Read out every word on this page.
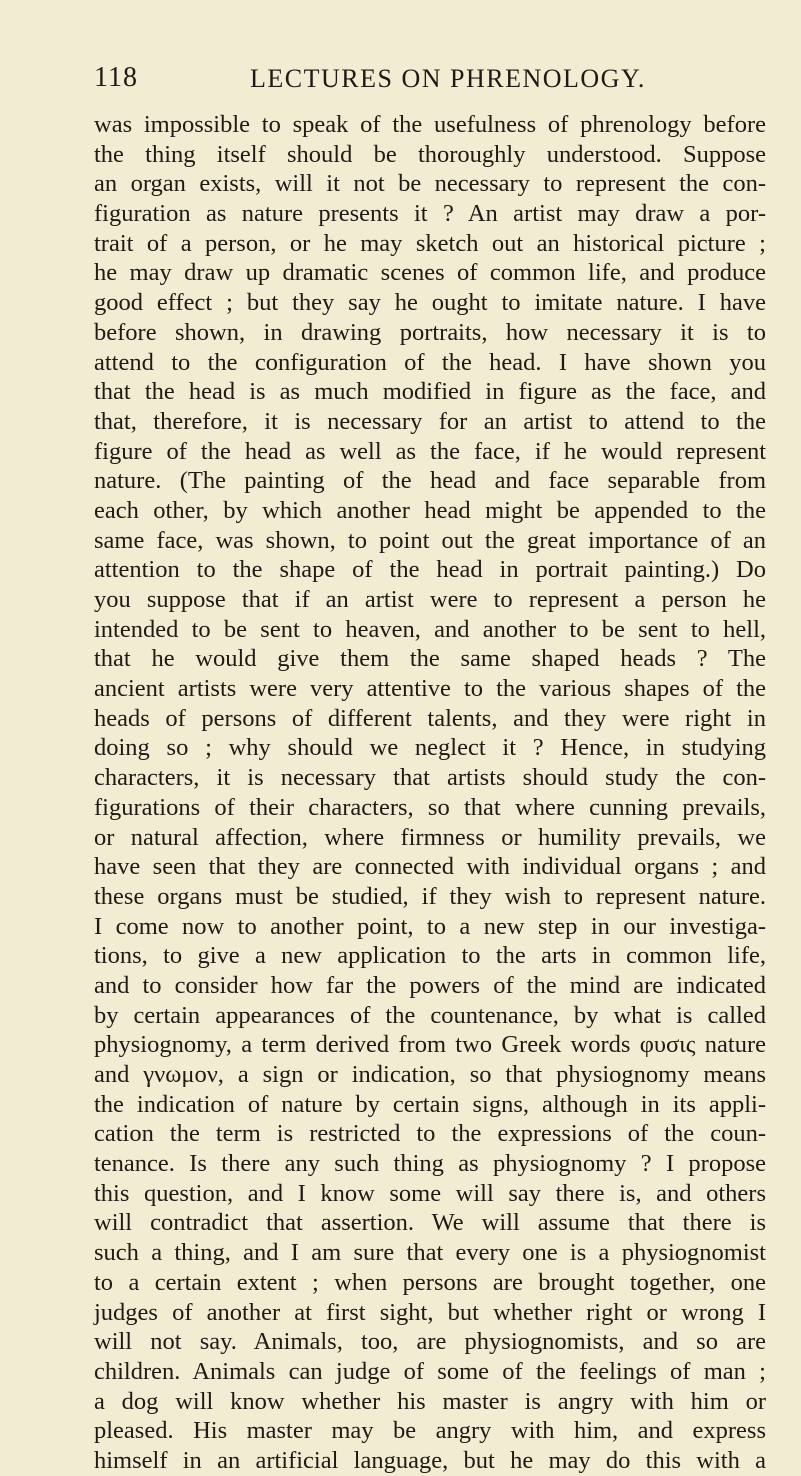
118	LECTURES ON PHRENOLOGY.
was impossible to speak of the usefulness of phrenology before
the thing itself should be thoroughly understood. Suppose
an organ exists, will it not be necessary to represent the con-
figuration as nature presents it ? An artist may draw a por-
trait of a person, or he may sketch out an historical picture ;
he may draw up dramatic scenes of common life, and produce
good effect ; but they say he ought to imitate nature. I have
before shown, in drawing portraits, how necessary it is to
attend to the configuration of the head. I have shown you
that the head is as much modified in figure as the face, and
that, therefore, it is necessary for an artist to attend to the
figure of the head as well as the face, if he would represent
nature. (The painting of the head and face separable from
each other, by which another head might be appended to the
same face, was shown, to point out the great importance of an
attention to the shape of the head in portrait painting.) Do
you suppose that if an artist were to represent a person he
intended to be sent to heaven, and another to be sent to hell,
that he would give them the same shaped heads ? The
ancient artists were very attentive to the various shapes of the
heads of persons of different talents, and they were right in
doing so ; why should we neglect it ? Hence, in studying
characters, it is necessary that artists should study the con-
figurations of their characters, so that where cunning prevails,
or natural affection, where firmness or humility prevails, we
have seen that they are connected with individual organs ; and
these organs must be studied, if they wish to represent nature.
I come now to another point, to a new step in our investiga-
tions, to give a new application to the arts in common life,
and to consider how far the powers of the mind are indicated
by certain appearances of the countenance, by what is called
physiognomy, a term derived from two Greek words φυσις nature
and γνωμον, a sign or indication, so that physiognomy means
the indication of nature by certain signs, although in its appli-
cation the term is restricted to the expressions of the coun-
tenance. Is there any such thing as physiognomy ? I propose
this question, and I know some will say there is, and others
will contradict that assertion. We will assume that there is
such a thing, and I am sure that every one is a physiognomist
to a certain extent ; when persons are brought together, one
judges of another at first sight, but whether right or wrong I
will not say. Animals, too, are physiognomists, and so are
children. Animals can judge of some of the feelings of man ;
a dog will know whether his master is angry with him or
pleased. His master may be angry with him, and express
himself in an artificial language, but he may do this with a
